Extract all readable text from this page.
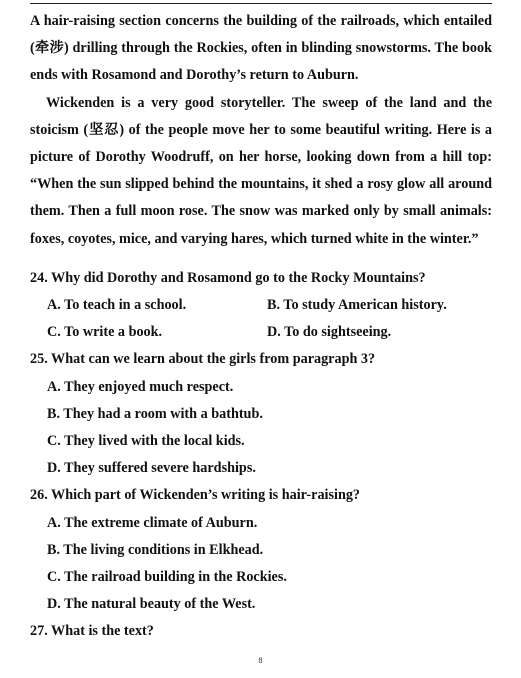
A hair-raising section concerns the building of the railroads, which entailed (牵涉) drilling through the Rockies, often in blinding snowstorms. The book ends with Rosamond and Dorothy’s return to Auburn.

Wickenden is a very good storyteller. The sweep of the land and the stoicism (坚忍) of the people move her to some beautiful writing. Here is a picture of Dorothy Woodruff, on her horse, looking down from a hill top: “When the sun slipped behind the mountains, it shed a rosy glow all around them. Then a full moon rose. The snow was marked only by small animals: foxes, coyotes, mice, and varying hares, which turned white in the winter.”

24. Why did Dorothy and Rosamond go to the Rocky Mountains?

A. To teach in a school.	B. To study American history.
C. To write a book.	D. To do sightseeing.

25. What can we learn about the girls from paragraph 3?

A. They enjoyed much respect.
B. They had a room with a bathtub.
C. They lived with the local kids.
D. They suffered severe hardships.

26. Which part of Wickenden’s writing is hair-raising?

A. The extreme climate of Auburn.
B. The living conditions in Elkhead.
C. The railroad building in the Rockies.
D. The natural beauty of the West.

27. What is the text?

8
